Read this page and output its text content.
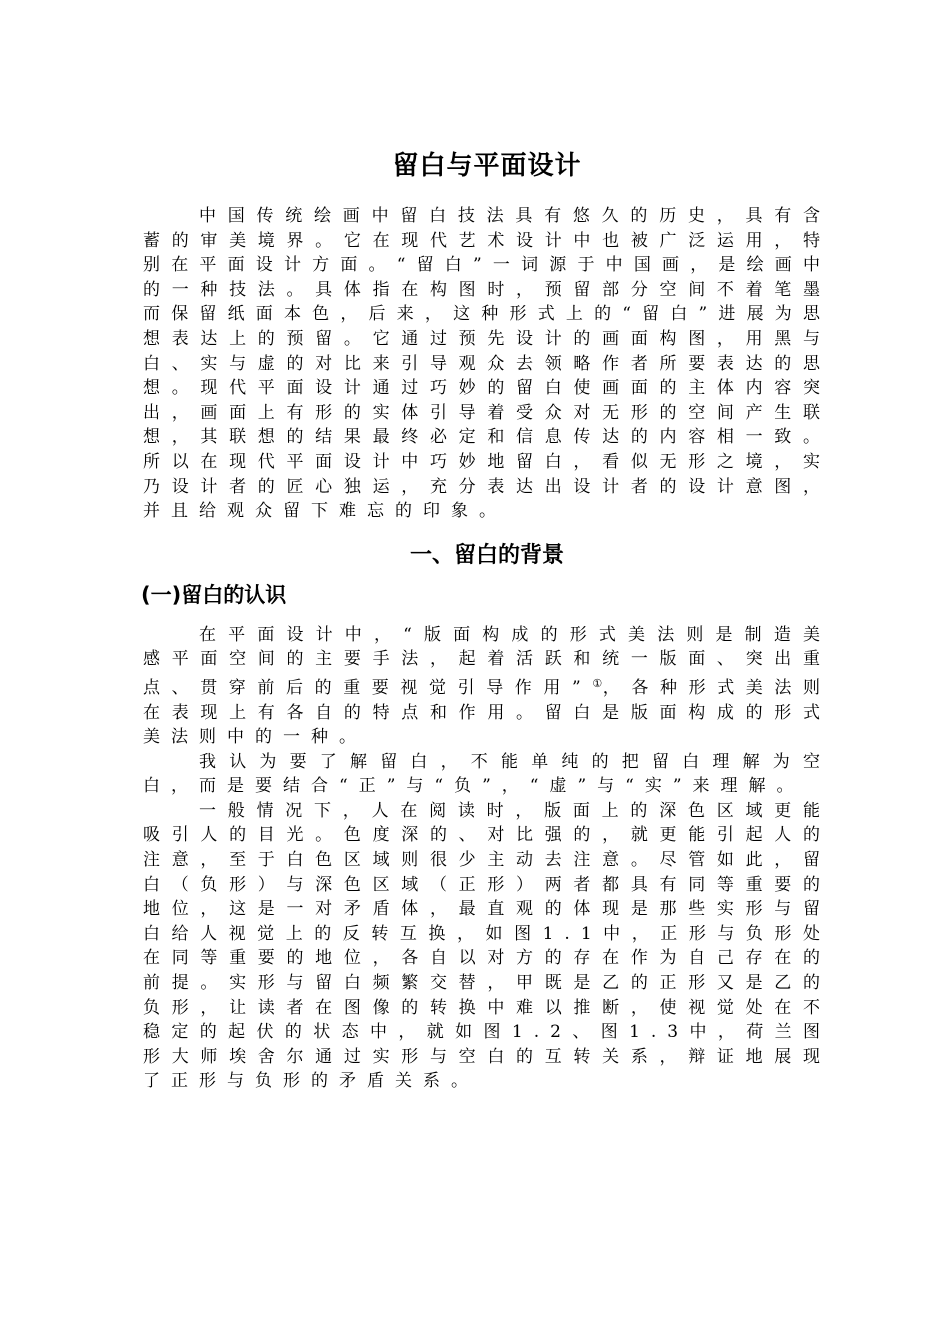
留白与平面设计

中国传统绘画中留白技法具有悠久的历史，具有含蓄的审美境界。它在现代艺术设计中也被广泛运用，特别在平面设计方面。“留白”一词源于中国画，是绘画中的一种技法。具体指在构图时，预留部分空间不着笔墨而保留纸面本色，后来，这种形式上的“留白”进展为思想表达上的预留。它通过预先设计的画面构图，用黑与白、实与虚的对比来引导观众去领略作者所要表达的思想。现代平面设计通过巧妙的留白使画面的主体内容突出，画面上有形的实体引导着受众对无形的空间产生联想，其联想的结果最终必定和信息传达的内容相一致。所以在现代平面设计中巧妙地留白，看似无形之境，实乃设计者的匠心独运，充分表达出设计者的设计意图，并且给观众留下难忘的印象。

一、留白的背景
(一)留白的认识

在平面设计中，“版面构成的形式美法则是制造美感平面空间的主要手法，起着活跃和统一版面、突出重点、贯穿前后的重要视觉引导作用”①，各种形式美法则在表现上有各自的特点和作用。留白是版面构成的形式美法则中的一种。

我认为要了解留白，不能单纯的把留白理解为空白，而是要结合“正”与“负”，“虚”与“实”来理解。

一般情况下，人在阅读时，版面上的深色区域更能吸引人的目光。色度深的、对比强的，就更能引起人的注意，至于白色区域则很少主动去注意。尽管如此，留白（负形）与深色区域（正形）两者都具有同等重要的地位，这是一对矛盾体，最直观的体现是那些实形与留白给人视觉上的反转互换，如图1.1中，正形与负形处在同等重要的地位，各自以对方的存在作为自己存在的前提。实形与留白频繁交替，甲既是乙的正形又是乙的负形，让读者在图像的转换中难以推断，使视觉处在不稳定的起伏的状态中，就如图1.2、图1.3中，荷兰图形大师埃舍尔通过实形与空白的互转关系，辩证地展现了正形与负形的矛盾关系。
